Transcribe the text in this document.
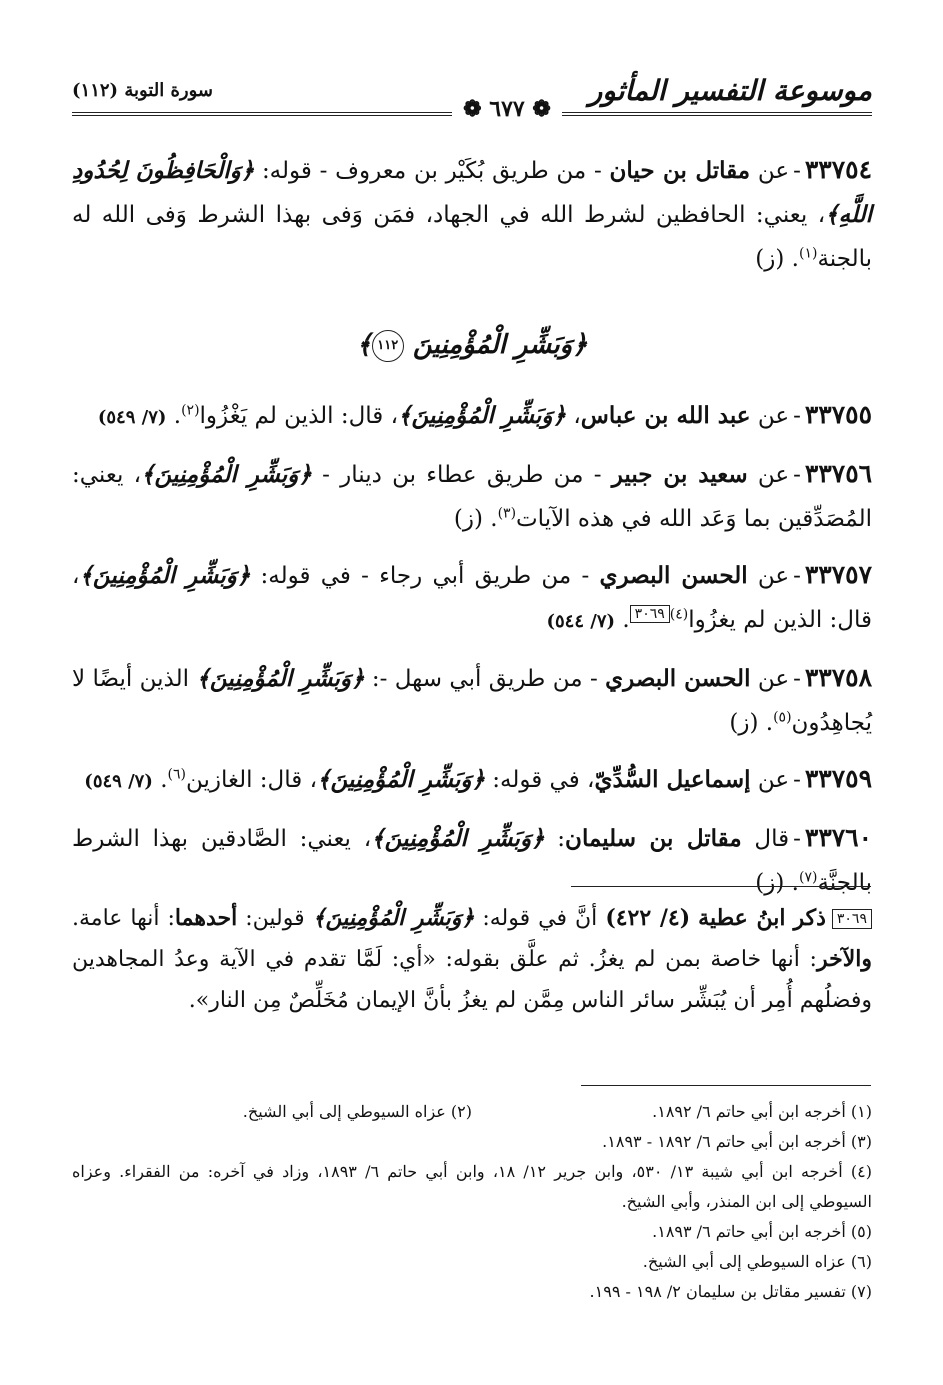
موسوعة التفسير المأثور
سورة التوبة (١١٢)
❁ ٦٧٧ ❁

٣٣٧٥٤-عن مقاتل بن حيان - من طريق بُكَيْر بن معروف - قوله: ﴿وَالْحَافِظُونَ لِحُدُودِ اللَّهِ﴾، يعني: الحافظين لشرط الله في الجهاد، فمَن وَفى بهذا الشرط وَفى الله له بالجنة$^{(١)}$. (ز)

﴿وَبَشِّرِ الْمُؤْمِنِينَ ١١٢﴾

٣٣٧٥٥-عن عبد الله بن عباس، ﴿وَبَشِّرِ الْمُؤْمِنِينَ﴾، قال: الذين لم يَغْزُوا$^{(٢)}$. (٧/ ٥٤٩)

٣٣٧٥٦-عن سعيد بن جبير - من طريق عطاء بن دينار - ﴿وَبَشِّرِ الْمُؤْمِنِينَ﴾، يعني: المُصَدِّقين بما وَعَد الله في هذه الآيات$^{(٣)}$. (ز)

٣٣٧٥٧-عن الحسن البصري - من طريق أبي رجاء - في قوله: ﴿وَبَشِّرِ الْمُؤْمِنِينَ﴾، قال: الذين لم يغزُوا$^{(٤)}$٣٠٦٩. (٧/ ٥٤٤)

٣٣٧٥٨-عن الحسن البصري - من طريق أبي سهل -: ﴿وَبَشِّرِ الْمُؤْمِنِينَ﴾ الذين أيضًا لا يُجاهِدُون$^{(٥)}$. (ز)

٣٣٧٥٩-عن إسماعيل السُّدِّيّ، في قوله: ﴿وَبَشِّرِ الْمُؤْمِنِينَ﴾، قال: الغازين$^{(٦)}$. (٧/ ٥٤٩)

٣٣٧٦٠-قال مقاتل بن سليمان: ﴿وَبَشِّرِ الْمُؤْمِنِينَ﴾، يعني: الصَّادقين بهذا الشرط بالجنَّة$^{(٧)}$. (ز)

٣٠٦٩ذكر ابنُ عطية (٤/ ٤٢٢) أنَّ في قوله: ﴿وَبَشِّرِ الْمُؤْمِنِينَ﴾ قولين: أحدهما: أنها عامة. والآخر: أنها خاصة بمن لم يغزُ. ثم علَّق بقوله: «أي: لَمَّا تقدم في الآية وعدُ المجاهدين وفضلُهم أُمِر أن يُبَشِّر سائر الناس مِمَّن لم يغزُ بأنَّ الإيمان مُخَلِّصٌ مِن النار».
(١) أخرجه ابن أبي حاتم ٦/ ١٨٩٢.
(٢) عزاه السيوطي إلى أبي الشيخ.
(٣) أخرجه ابن أبي حاتم ٦/ ١٨٩٢ - ١٨٩٣.
(٤) أخرجه ابن أبي شيبة ١٣/ ٥٣٠، وابن جرير ١٢/ ١٨، وابن أبي حاتم ٦/ ١٨٩٣، وزاد في آخره: من الفقراء. وعزاه السيوطي إلى ابن المنذر، وأبي الشيخ.
(٥) أخرجه ابن أبي حاتم ٦/ ١٨٩٣.
(٦) عزاه السيوطي إلى أبي الشيخ.
(٧) تفسير مقاتل بن سليمان ٢/ ١٩٨ - ١٩٩.
